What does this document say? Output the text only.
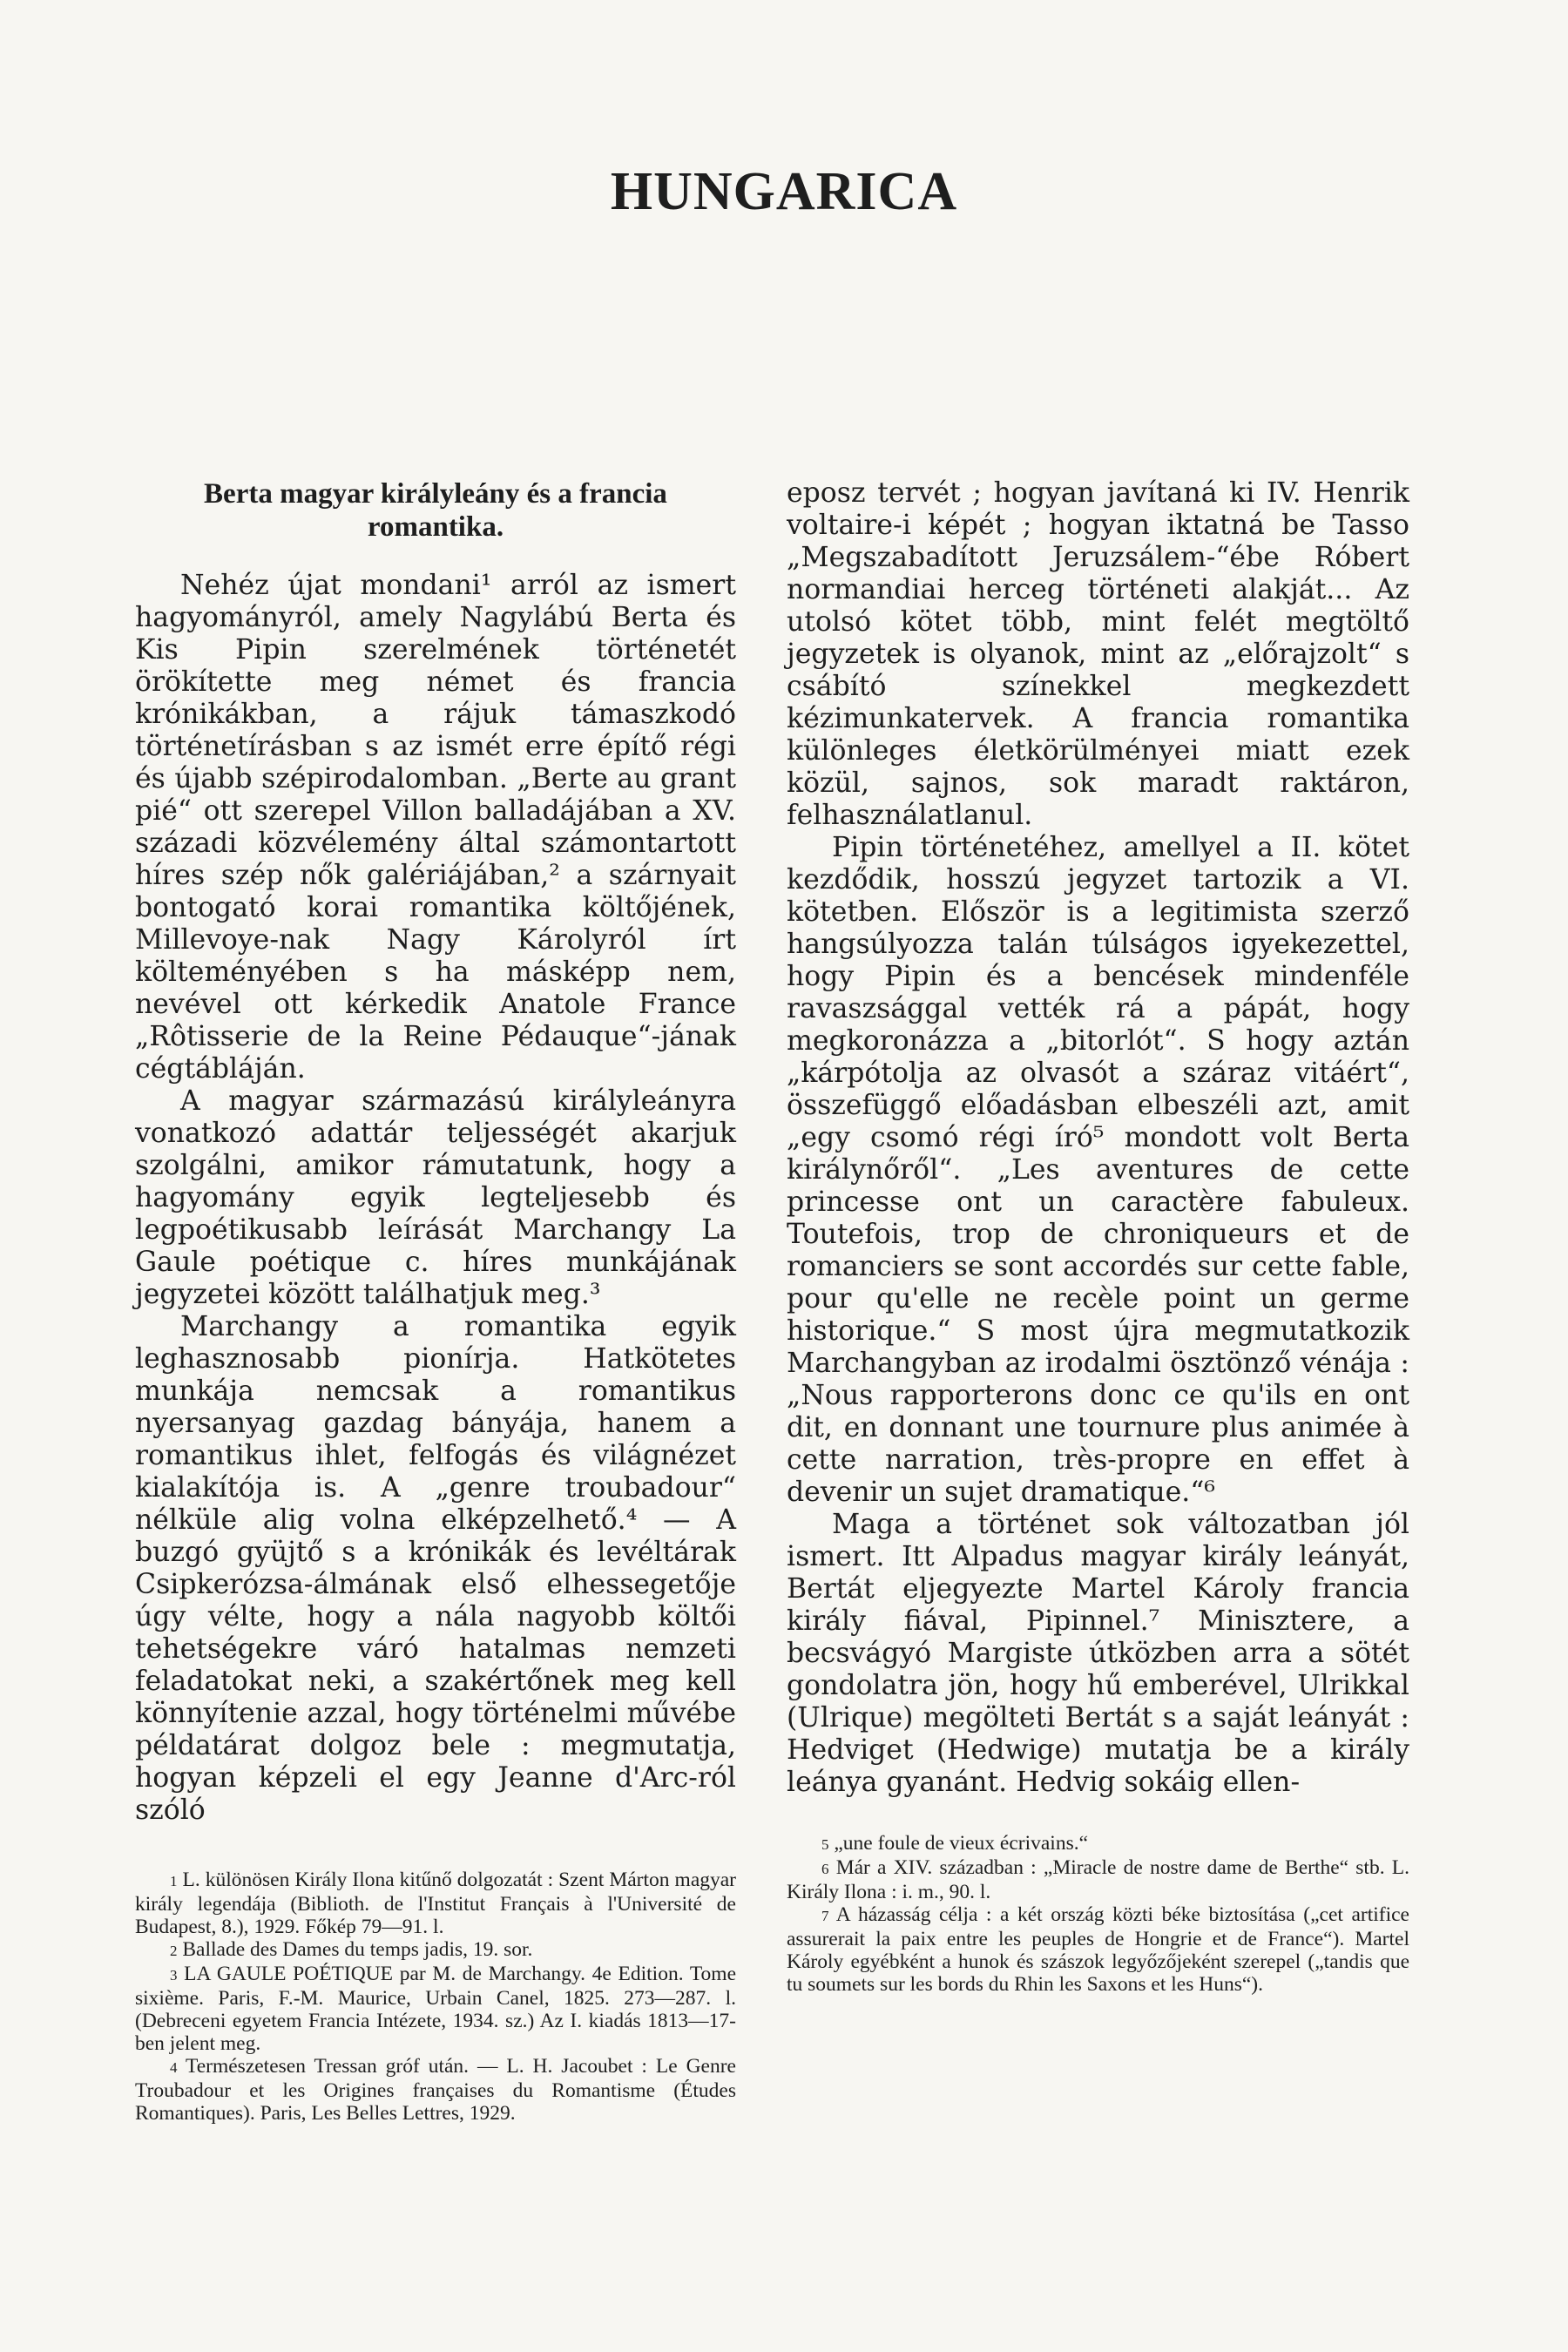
HUNGARICA
Berta magyar királyleány és a francia romantika.

Nehéz újat mondani¹ arról az ismert hagyományról, amely Nagylábú Berta és Kis Pipin szerelmének történetét örökítette meg német és francia krónikákban, a rájuk támaszkodó történetírásban s az ismét erre építő régi és újabb szépirodalomban. „Berte au grant pié“ ott szerepel Villon balladájában a XV. századi közvélemény által számontartott híres szép nők galériájában,² a szárnyait bontogató korai romantika költőjének, Millevoye-nak Nagy Károlyról írt költeményében s ha másképp nem, nevével ott kérkedik Anatole France „Rôtisserie de la Reine Pédauque“-jának cégtábláján.

A magyar származású királyleányra vonatkozó adattár teljességét akarjuk szolgálni, amikor rámutatunk, hogy a hagyomány egyik legteljesebb és legpoétikusabb leírását Marchangy La Gaule poétique c. híres munkájának jegyzetei között találhatjuk meg.³

Marchangy a romantika egyik leghasznosabb pionírja. Hatkötetes munkája nemcsak a romantikus nyersanyag gazdag bányája, hanem a romantikus ihlet, felfogás és világnézet kialakítója is. A „genre troubadour“ nélküle alig volna elképzelhető.⁴ — A buzgó gyüjtő s a krónikák és levéltárak Csipkerózsa-álmának első elhessegetője úgy vélte, hogy a nála nagyobb költői tehetségekre váró hatalmas nemzeti feladatokat neki, a szakértőnek meg kell könnyítenie azzal, hogy történelmi művébe példatárat dolgoz bele : megmutatja, hogyan képzeli el egy Jeanne d'Arc-ról szóló

1 L. különösen Király Ilona kitűnő dolgozatát : Szent Márton magyar király legendája (Biblioth. de l'Institut Français à l'Université de Budapest, 8.), 1929. Főkép 79—91. l.

2 Ballade des Dames du temps jadis, 19. sor.

3 LA GAULE POÉTIQUE par M. de Marchangy. 4e Edition. Tome sixième. Paris, F.-M. Maurice, Urbain Canel, 1825. 273—287. l. (Debreceni egyetem Francia Intézete, 1934. sz.) Az I. kiadás 1813—17-ben jelent meg.

4 Természetesen Tressan gróf után. — L. H. Jacoubet : Le Genre Troubadour et les Origines françaises du Romantisme (Études Romantiques). Paris, Les Belles Lettres, 1929.

eposz tervét ; hogyan javítaná ki IV. Henrik voltaire-i képét ; hogyan iktatná be Tasso „Megszabadított Jeruzsálem-“ébe Róbert normandiai herceg történeti alakját... Az utolsó kötet több, mint felét megtöltő jegyzetek is olyanok, mint az „előrajzolt“ s csábító színekkel megkezdett kézimunkatervek. A francia romantika különleges életkörülményei miatt ezek közül, sajnos, sok maradt raktáron, felhasználatlanul.

Pipin történetéhez, amellyel a II. kötet kezdődik, hosszú jegyzet tartozik a VI. kötetben. Először is a legitimista szerző hangsúlyozza talán túlságos igyekezettel, hogy Pipin és a bencések mindenféle ravaszsággal vették rá a pápát, hogy megkoronázza a „bitorlót“. S hogy aztán „kárpótolja az olvasót a száraz vitáért“, összefüggő előadásban elbeszéli azt, amit „egy csomó régi író⁵ mondott volt Berta királynőről“. „Les aventures de cette princesse ont un caractère fabuleux. Toutefois, trop de chroniqueurs et de romanciers se sont accordés sur cette fable, pour qu'elle ne recèle point un germe historique.“ S most újra megmutatkozik Marchangyban az irodalmi ösztönző vénája : „Nous rapporterons donc ce qu'ils en ont dit, en donnant une tournure plus animée à cette narration, très-propre en effet à devenir un sujet dramatique.“⁶

Maga a történet sok változatban jól ismert. Itt Alpadus magyar király leányát, Bertát eljegyezte Martel Károly francia király fiával, Pipinnel.⁷ Minisztere, a becsvágyó Margiste útközben arra a sötét gondolatra jön, hogy hű emberével, Ulrikkal (Ulrique) megölteti Bertát s a saját leányát : Hedviget (Hedwige) mutatja be a király leánya gyanánt. Hedvig sokáig ellen-

5 „une foule de vieux écrivains.“

6 Már a XIV. században : „Miracle de nostre dame de Berthe“ stb. L. Király Ilona : i. m., 90. l.

7 A házasság célja : a két ország közti béke biztosítása („cet artifice assurerait la paix entre les peuples de Hongrie et de France“). Martel Károly egyébként a hunok és szászok legyőzőjeként szerepel („tandis que tu soumets sur les bords du Rhin les Saxons et les Huns“).
